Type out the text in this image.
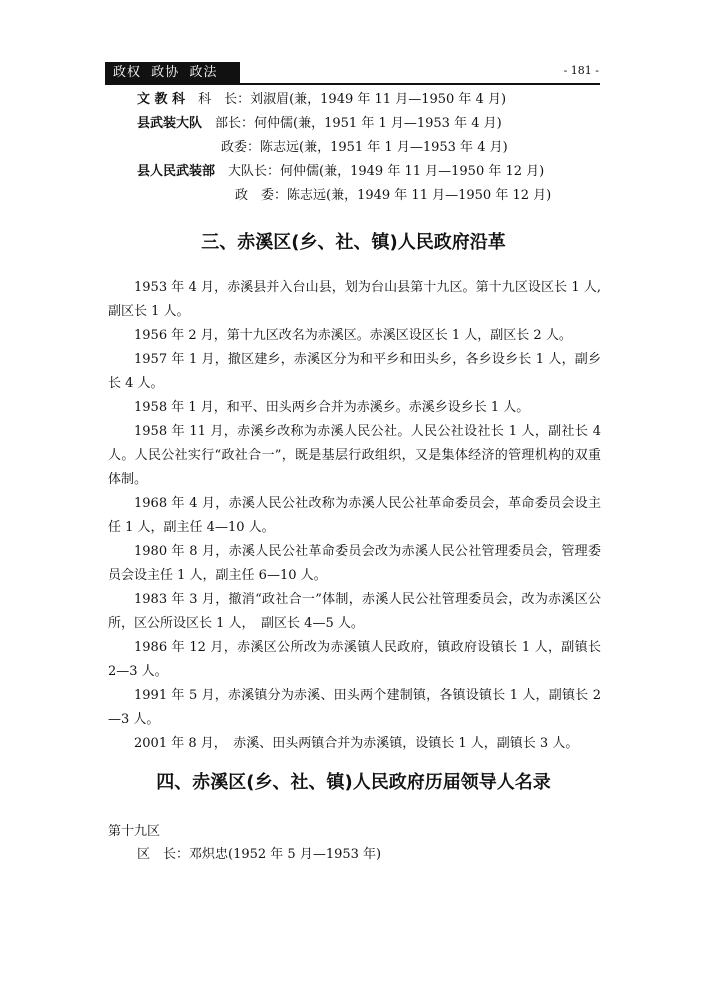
政权  政协  政法	- 181 -
文 教 科　 科　长：刘淑眉(兼，1949 年 11 月—1950 年 4 月)
县武装大队　 部长：何仲儒(兼，1951 年 1 月—1953 年 4 月)
政委：陈志远(兼，1951 年 1 月—1953 年 4 月)
县人民武装部　 大队长：何仲儒(兼，1949 年 11 月—1950 年 12 月)
政　委：陈志远(兼，1949 年 11 月—1950 年 12 月)
三、赤溪区(乡、社、镇)人民政府沿革
1953 年 4 月，赤溪县并入台山县，划为台山县第十九区。第十九区设区长 1 人,副区长 1 人。
1956 年 2 月，第十九区改名为赤溪区。赤溪区设区长 1 人，副区长 2 人。
1957 年 1 月，撤区建乡，赤溪区分为和平乡和田头乡，各乡设乡长 1 人，副乡长 4 人。
1958 年 1 月，和平、田头两乡合并为赤溪乡。赤溪乡设乡长 1 人。
1958 年 11 月，赤溪乡改称为赤溪人民公社。人民公社设社长 1 人，副社长 4 人。人民公社实行“政社合一”，既是基层行政组织，又是集体经济的管理机构的双重体制。
1968 年 4 月，赤溪人民公社改称为赤溪人民公社革命委员会，革命委员会设主任 1 人，副主任 4—10 人。
1980 年 8 月，赤溪人民公社革命委员会改为赤溪人民公社管理委员会，管理委员会设主任 1 人，副主任 6—10 人。
1983 年 3 月，撤消“政社合一”体制，赤溪人民公社管理委员会，改为赤溪区公所，区公所设区长 1 人，　副区长 4—5 人。
1986 年 12 月，赤溪区公所改为赤溪镇人民政府，镇政府设镇长 1 人，副镇长 2—3 人。
1991 年 5 月，赤溪镇分为赤溪、田头两个建制镇，各镇设镇长 1 人，副镇长 2—3 人。
2001 年 8 月，　赤溪、田头两镇合并为赤溪镇，设镇长 1 人，副镇长 3 人。
四、赤溪区(乡、社、镇)人民政府历届领导人名录
第十九区
区　长：邓炽忠(1952 年 5 月—1953 年)
